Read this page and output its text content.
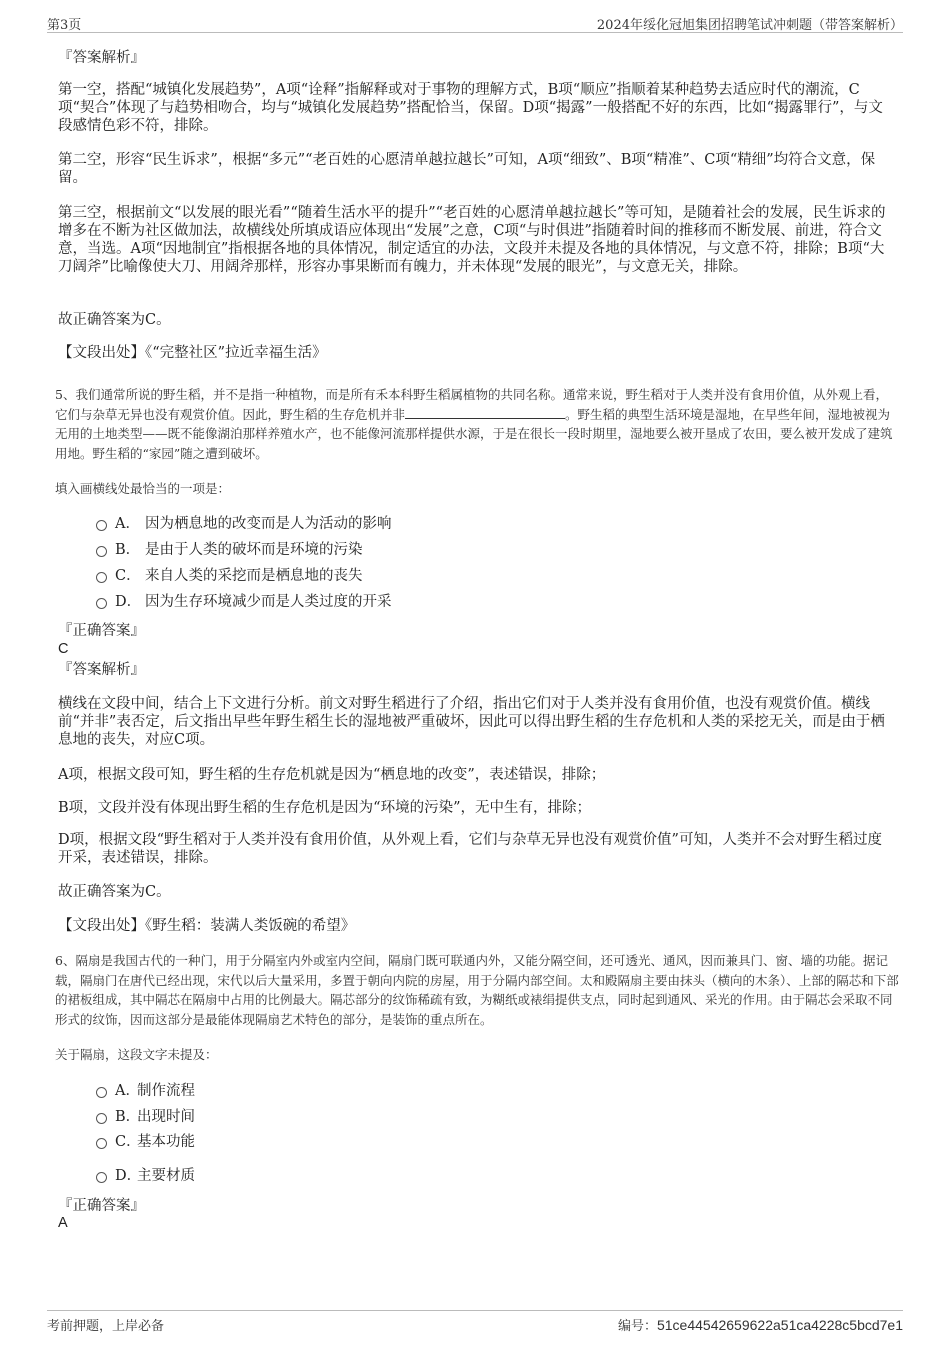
第3页	2024年绥化冠旭集团招聘笔试冲刺题（带答案解析）
『答案解析』
第一空，搭配“城镇化发展趋势”，A项“诠释”指解释或对于事物的理解方式，B项“顺应”指顺着某种趋势去适应时代的潮流，C项“契合”体现了与趋势相吻合，均与“城镇化发展趋势”搭配恰当，保留。D项“揭露”一般搭配不好的东西，比如“揭露罪行”，与文段感情色彩不符，排除。
第二空，形容“民生诉求”，根据“多元”“老百姓的心愿清单越拉越长”可知，A项“细致”、B项“精准”、C项“精细”均符合文意，保留。
第三空，根据前文“以发展的眼光看”“随着生活水平的提升”“老百姓的心愿清单越拉越长”等可知，是随着社会的发展，民生诉求的增多在不断为社区做加法，故横线处所填成语应体现出“发展”之意，C项“与时俱进”指随着时间的推移而不断发展、前进，符合文意，当选。A项“因地制宜”指根据各地的具体情况，制定适宜的办法，文段并未提及各地的具体情况，与文意不符，排除；B项“大刀阔斧”比喻像使大刀、用阔斧那样，形容办事果断而有魄力，并未体现“发展的眼光”，与文意无关，排除。
故正确答案为C。
【文段出处】《“完整社区”拉近幸福生活》
5、我们通常所说的野生稻，并不是指一种植物，而是所有禾本科野生稻属植物的共同名称。通常来说，野生稻对于人类并没有食用价值，从外观上看，它们与杂草无异也没有观赏价值。因此，野生稻的生存危机并非	。野生稻的典型生活环境是湿地，在早些年间，湿地被视为无用的土地类型——既不能像湖泊那样养殖水产，也不能像河流那样提供水源，于是在很长一段时期里，湿地要么被开垦成了农田，要么被开发成了建筑用地。野生稻的“家园”随之遭到破坏。
填入画横线处最恰当的一项是：
A． 因为栖息地的改变而是人为活动的影响
B． 是由于人类的破坏而是环境的污染
C． 来自人类的采挖而是栖息地的丧失
D． 因为生存环境减少而是人类过度的开采
『正确答案』
C
『答案解析』
横线在文段中间，结合上下文进行分析。前文对野生稻进行了介绍，指出它们对于人类并没有食用价值，也没有观赏价值。横线前“并非”表否定，后文指出早些年野生稻生长的湿地被严重破坏，因此可以得出野生稻的生存危机和人类的采挖无关，而是由于栖息地的丧失，对应C项。
A项，根据文段可知，野生稻的生存危机就是因为“栖息地的改变”，表述错误，排除；
B项，文段并没有体现出野生稻的生存危机是因为“环境的污染”，无中生有，排除；
D项，根据文段“野生稻对于人类并没有食用价值，从外观上看，它们与杂草无异也没有观赏价值”可知，人类并不会对野生稻过度开采，表述错误，排除。
故正确答案为C。
【文段出处】《野生稻：装满人类饭碗的希望》
6、隔扇是我国古代的一种门，用于分隔室内外或室内空间，隔扇门既可联通内外，又能分隔空间，还可透光、通风，因而兼具门、窗、墙的功能。据记载，隔扇门在唐代已经出现，宋代以后大量采用，多置于朝向内院的房屋，用于分隔内部空间。太和殿隔扇主要由抹头（横向的木条）、上部的隔芯和下部的裙板组成，其中隔芯在隔扇中占用的比例最大。隔芯部分的纹饰稀疏有致，为糊纸或裱绢提供支点，同时起到通风、采光的作用。由于隔芯会采取不同形式的纹饰，因而这部分是最能体现隔扇艺术特色的部分，是装饰的重点所在。
关于隔扇，这段文字未提及：
A．制作流程
B．出现时间
C．基本功能
D．主要材质
『正确答案』
A
考前押题，上岸必备	编号：51ce44542659622a51ca4228c5bcd7e1
